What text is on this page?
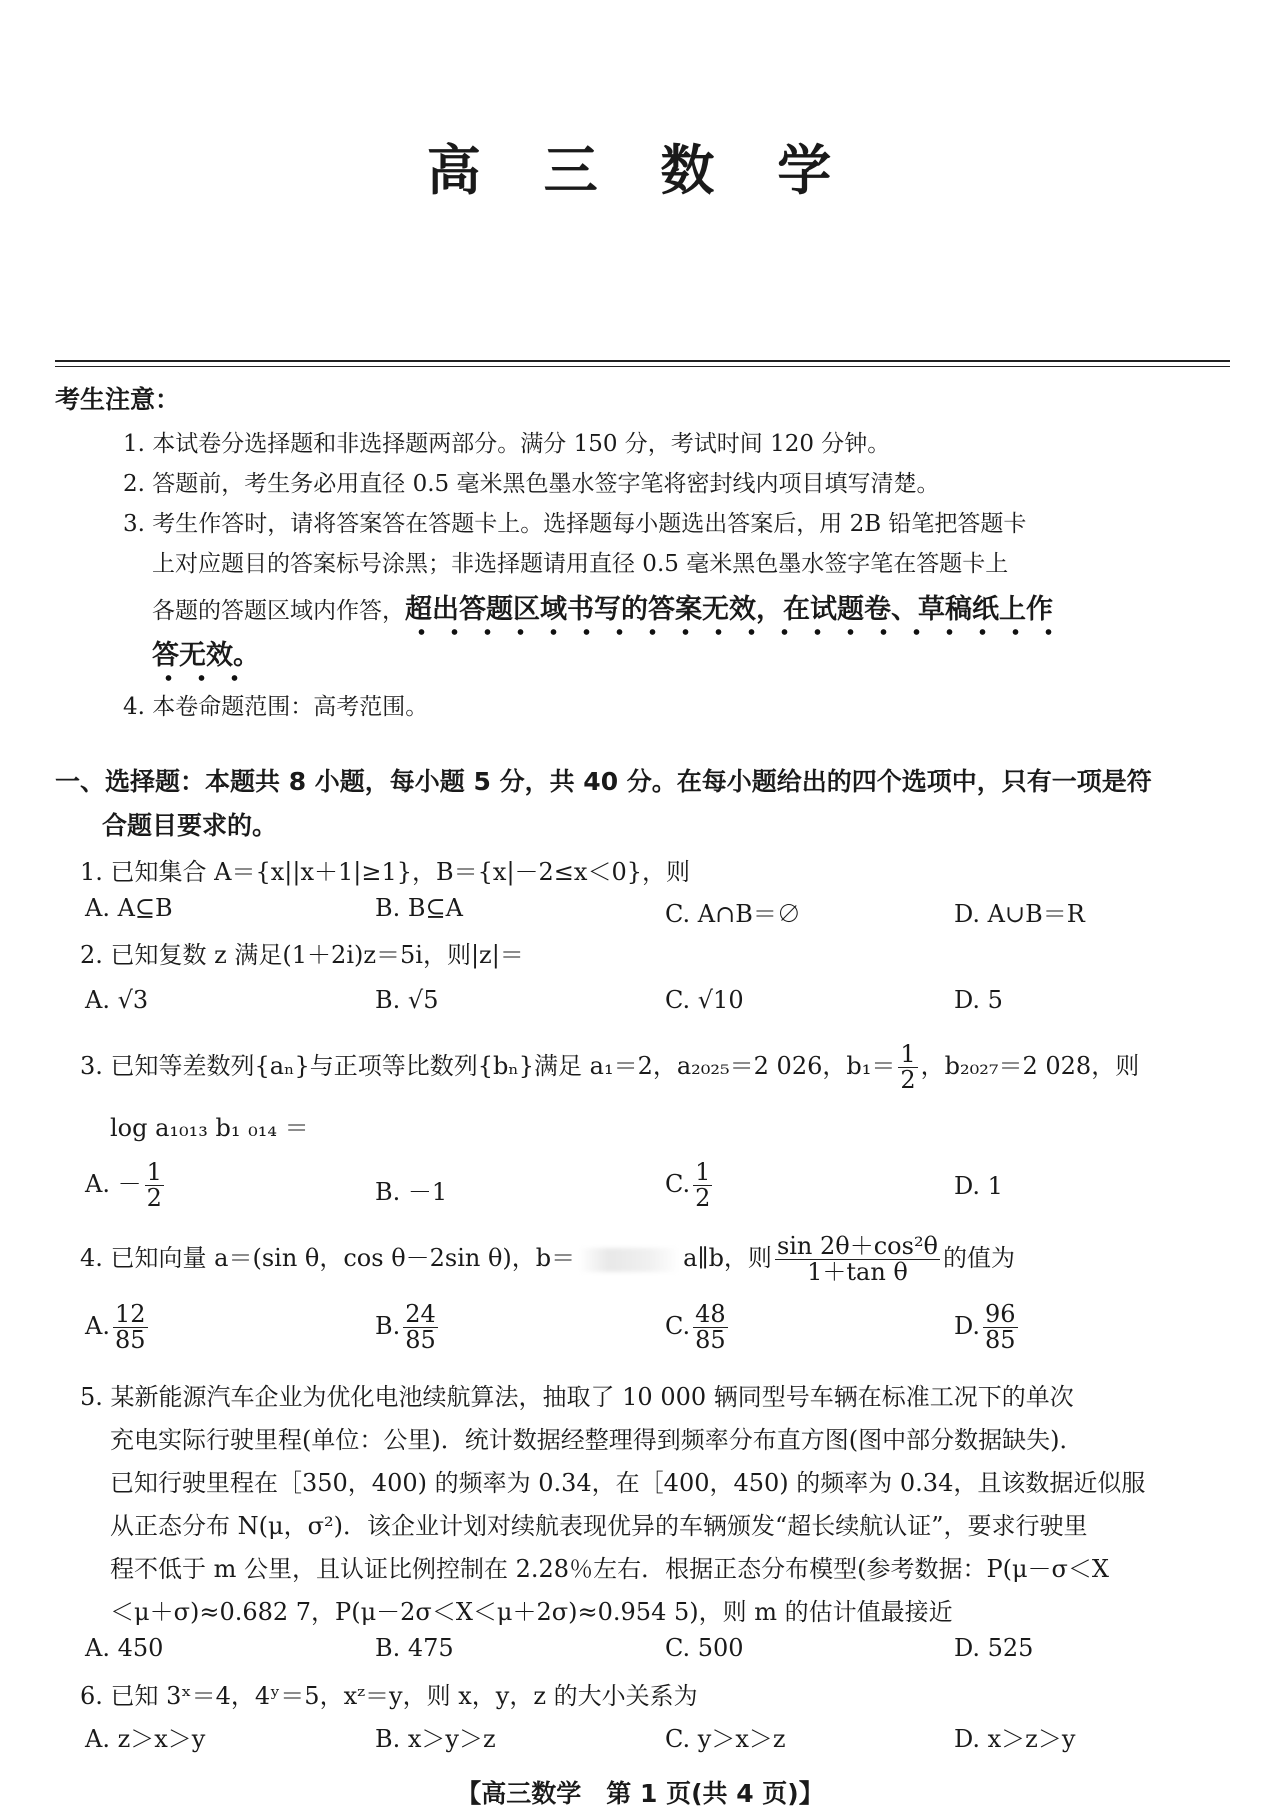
高 三 数 学
考生注意：
1. 本试卷分选择题和非选择题两部分。满分 150 分，考试时间 120 分钟。
2. 答题前，考生务必用直径 0.5 毫米黑色墨水签字笔将密封线内项目填写清楚。
3. 考生作答时，请将答案答在答题卡上。选择题每小题选出答案后，用 2B 铅笔把答题卡
上对应题目的答案标号涂黑；非选择题请用直径 0.5 毫米黑色墨水签字笔在答题卡上
各题的答题区域内作答，超出答题区域书写的答案无效，在试题卷、草稿纸上作
答无效。
4. 本卷命题范围：高考范围。
一、选择题：本题共 8 小题，每小题 5 分，共 40 分。在每小题给出的四个选项中，只有一项是符
合题目要求的。
1. 已知集合 A＝{x||x＋1|≥1}，B＝{x|－2≤x＜0}，则
A. A⊆B	B. B⊆A	C. A∩B＝∅	D. A∪B＝R
2. 已知复数 z 满足(1＋2i)z＝5i，则|z|＝
A. √3	B. √5	C. √10	D. 5
3. 已知等差数列{aₙ}与正项等比数列{bₙ}满足 a₁＝2，a₂₀₂₅＝2 026，$b_1= \frac{1}{2}$ ，b₂₀₂₇＝2 028，则
log a₁₀₁₃ b₁ ₀₁₄ ＝
A. － $\frac{1}{2}$	B. －1	C. $\frac{1}{2}$	D. 1
4. 已知向量 a＝(sin θ，cos θ－2sin θ)，b＝	a∥b，则 $\frac{\text{sin 2θ＋cos²θ}}{\text{1＋tan θ}}$ 的值为
A. $\frac{12}{85}$	B. $\frac{24}{85}$	C. $\frac{48}{85}$	D. $\frac{96}{85}$
5. 某新能源汽车企业为优化电池续航算法，抽取了 10 000 辆同型号车辆在标准工况下的单次
充电实际行驶里程(单位：公里)．统计数据经整理得到频率分布直方图(图中部分数据缺失)．
已知行驶里程在［350，400) 的频率为 0.34，在［400，450) 的频率为 0.34，且该数据近似服
从正态分布 N(μ，σ²)．该企业计划对续航表现优异的车辆颁发“超长续航认证”，要求行驶里
程不低于 m 公里，且认证比例控制在 2.28％左右．根据正态分布模型(参考数据：P(μ－σ＜X
＜μ＋σ)≈0.682 7，P(μ－2σ＜X＜μ＋2σ)≈0.954 5)，则 m 的估计值最接近
A. 450	B. 475	C. 500	D. 525
6. 已知 3ˣ＝4，4ʸ＝5，xᶻ＝y，则 x，y，z 的大小关系为
A. z＞x＞y	B. x＞y＞z	C. y＞x＞z	D. x＞z＞y
【高三数学　第 1 页(共 4 页)】
